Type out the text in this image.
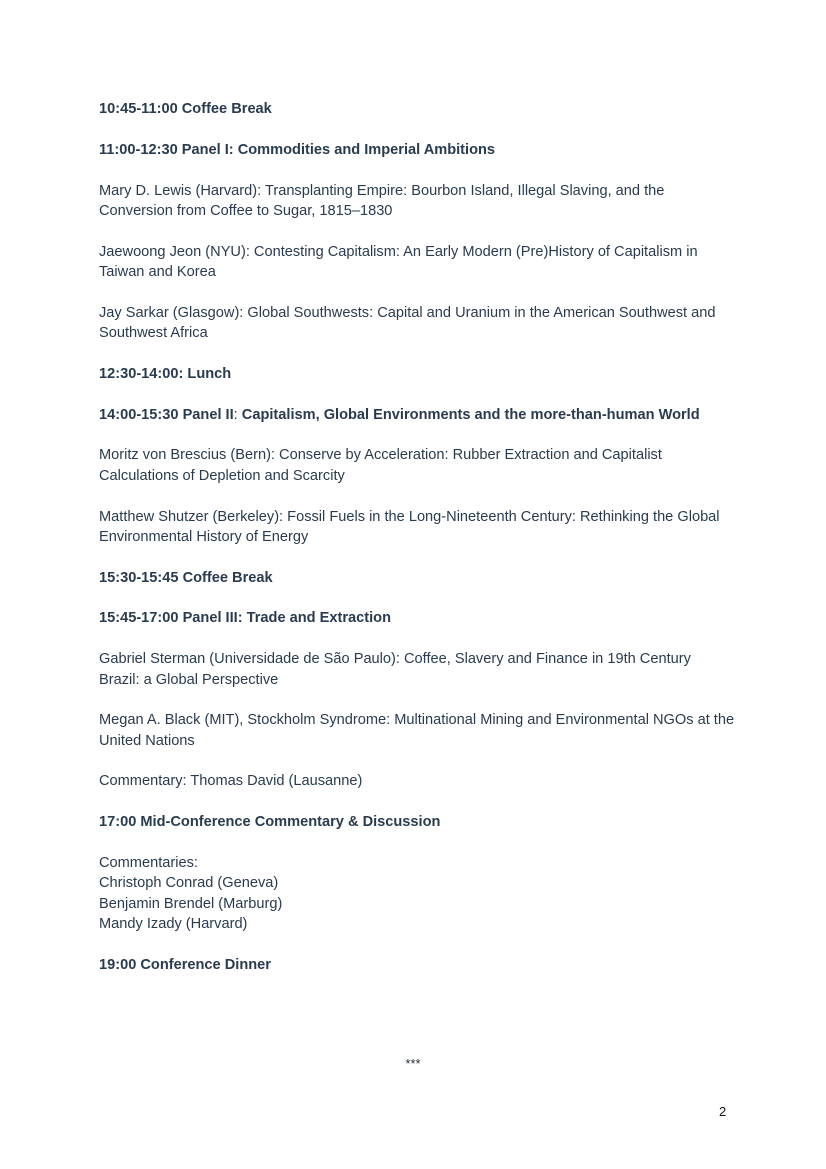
10:45-11:00 Coffee Break
11:00-12:30 Panel I: Commodities and Imperial Ambitions
Mary D. Lewis (Harvard): Transplanting Empire: Bourbon Island, Illegal Slaving, and the Conversion from Coffee to Sugar, 1815–1830
Jaewoong Jeon (NYU): Contesting Capitalism: An Early Modern (Pre)History of Capitalism in Taiwan and Korea
Jay Sarkar (Glasgow): Global Southwests: Capital and Uranium in the American Southwest and Southwest Africa
12:30-14:00: Lunch
14:00-15:30 Panel II: Capitalism, Global Environments and the more-than-human World
Moritz von Brescius (Bern): Conserve by Acceleration: Rubber Extraction and Capitalist Calculations of Depletion and Scarcity
Matthew Shutzer (Berkeley): Fossil Fuels in the Long-Nineteenth Century: Rethinking the Global Environmental History of Energy
15:30-15:45 Coffee Break
15:45-17:00 Panel III: Trade and Extraction
Gabriel Sterman (Universidade de São Paulo): Coffee, Slavery and Finance in 19th Century Brazil: a Global Perspective
Megan A. Black (MIT), Stockholm Syndrome: Multinational Mining and Environmental NGOs at the United Nations
Commentary: Thomas David (Lausanne)
17:00 Mid-Conference Commentary & Discussion
Commentaries:
Christoph Conrad (Geneva)
Benjamin Brendel (Marburg)
Mandy Izady (Harvard)
19:00 Conference Dinner
***
2
